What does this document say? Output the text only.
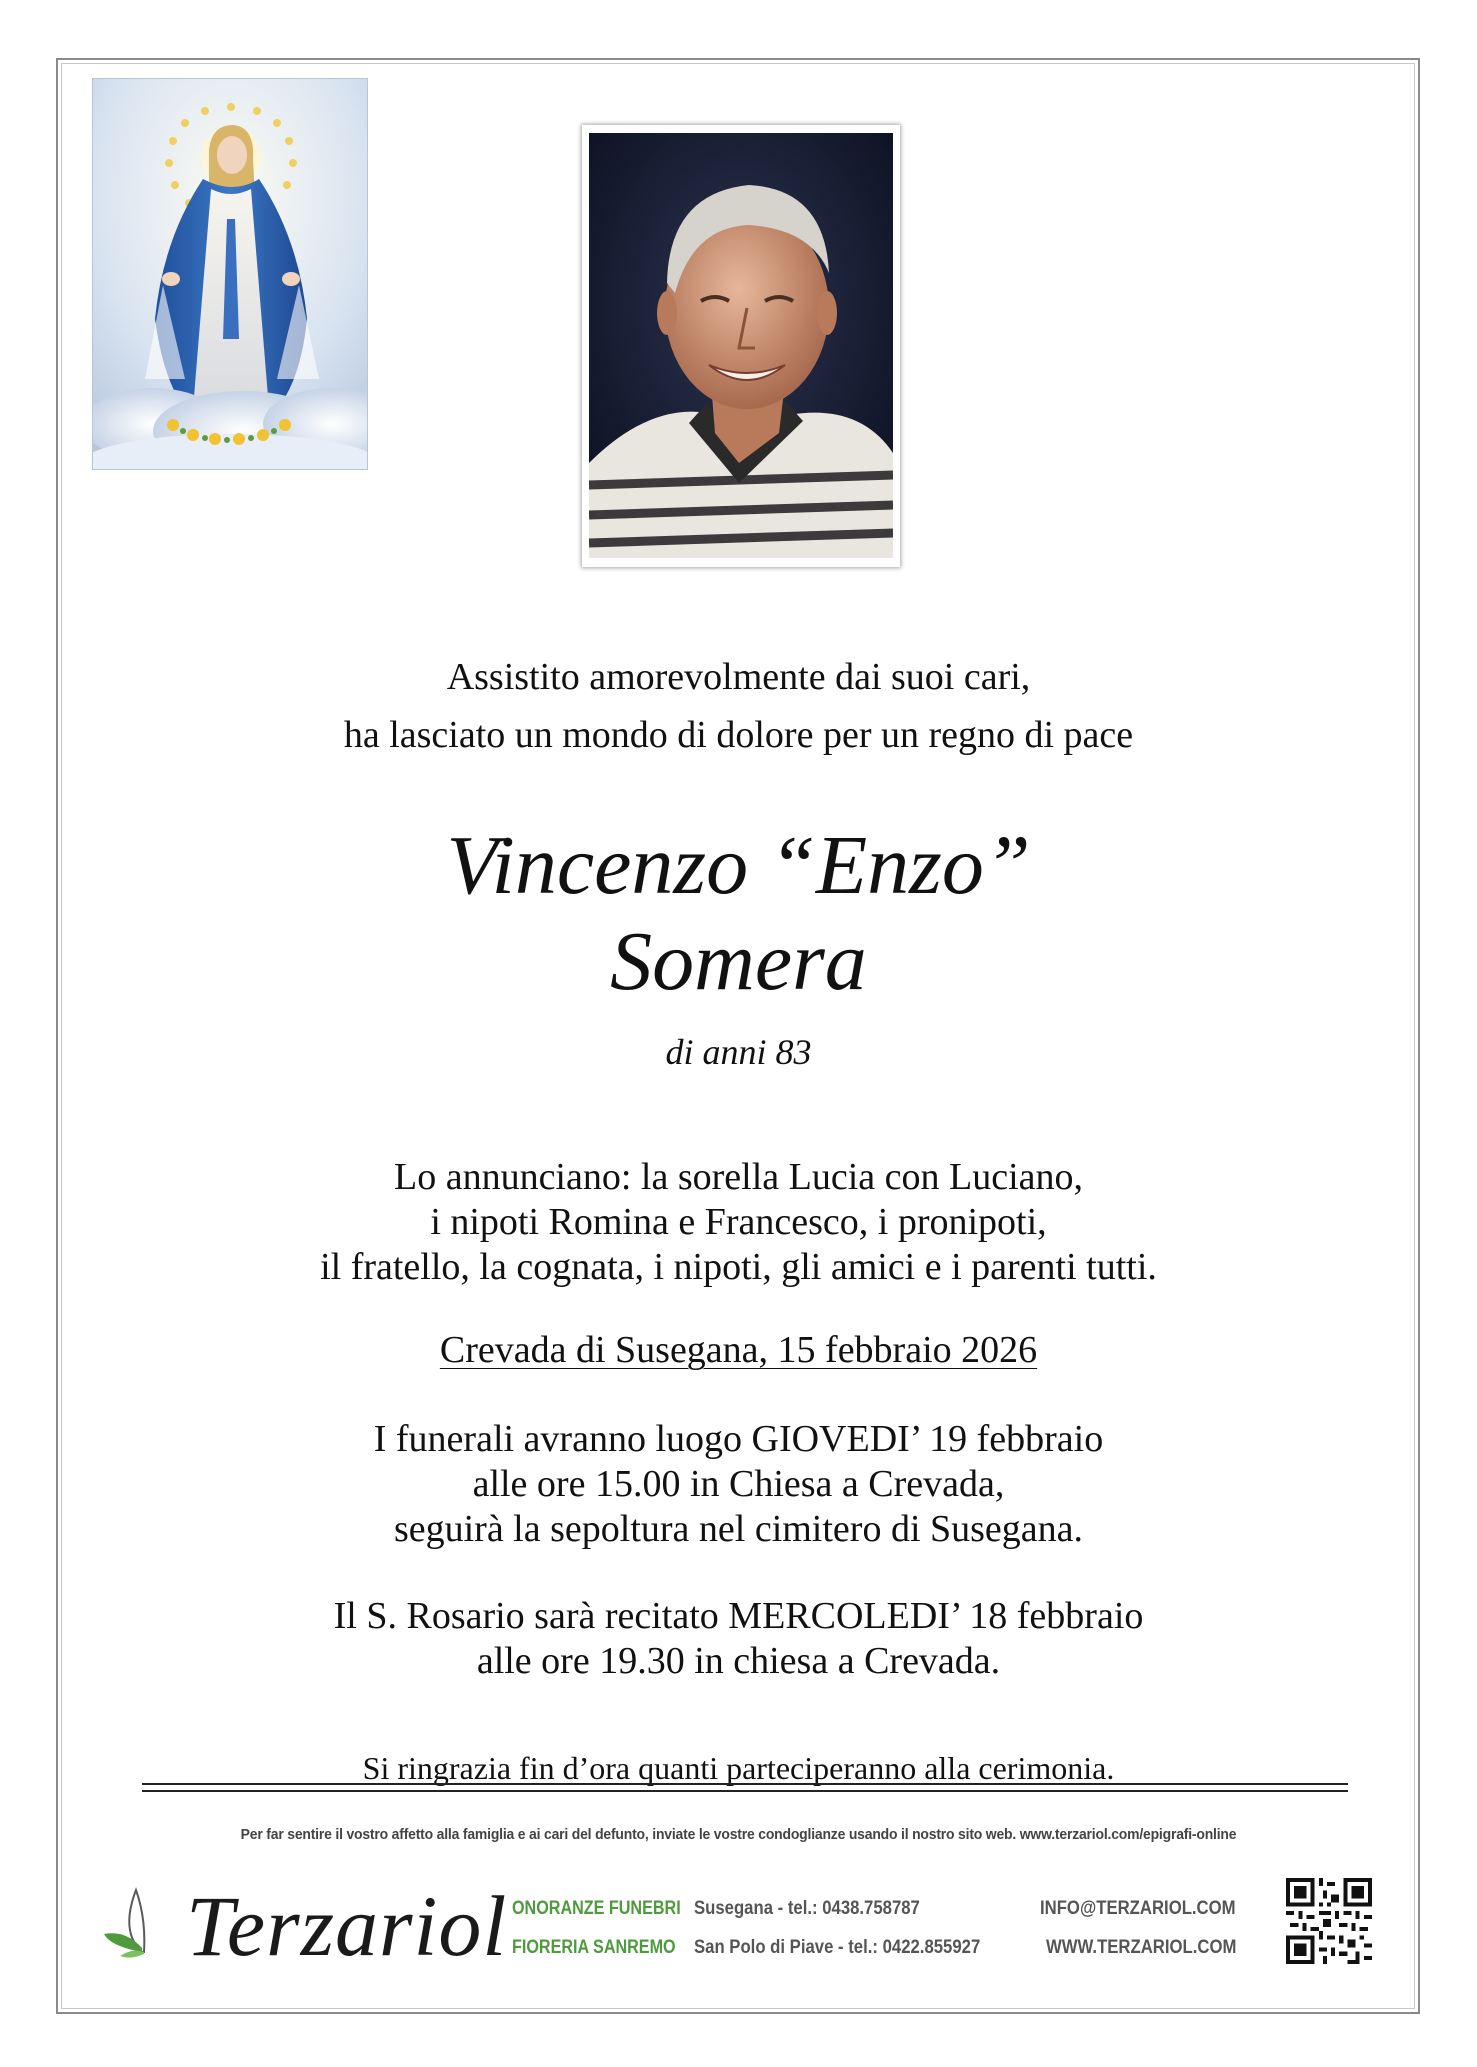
Assistito amorevolmente dai suoi cari,
ha lasciato un mondo di dolore per un regno di pace
Vincenzo “Enzo”
Somera
di anni 83
Lo annunciano: la sorella Lucia con Luciano,
i nipoti Romina e Francesco, i pronipoti,
il fratello, la cognata, i nipoti, gli amici e i parenti tutti.
Crevada di Susegana, 15 febbraio 2026
I funerali avranno luogo GIOVEDI’ 19 febbraio
alle ore 15.00 in Chiesa a Crevada,
seguirà la sepoltura nel cimitero di Susegana.
Il S. Rosario sarà recitato MERCOLEDI’ 18 febbraio
alle ore 19.30 in chiesa a Crevada.
Si ringrazia fin d’ora quanti parteciperanno alla cerimonia.
Per far sentire il vostro affetto alla famiglia e ai cari del defunto, inviate le vostre condoglianze usando il nostro sito web. www.terzariol.com/epigrafi-online
Terzariol ONORANZE FUNEBRI
FIORERIA SANREMO
Susegana - tel.: 0438.758787
San Polo di Piave - tel.: 0422.855927
INFO@TERZARIOL.COM
WWW.TERZARIOL.COM
